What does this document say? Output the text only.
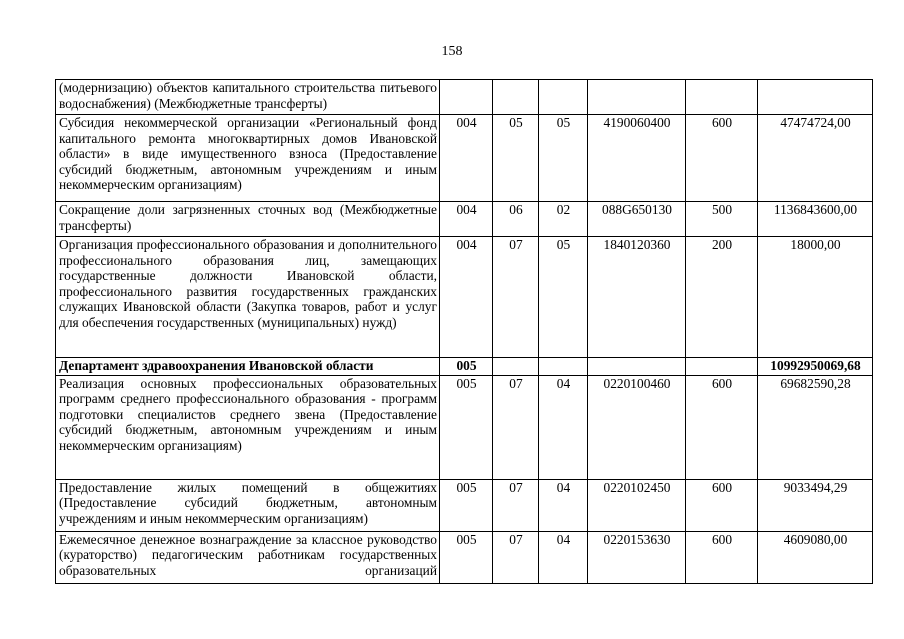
158
(модернизацию) объектов капитального строительства питьевого водоснабжения) (Межбюджетные трансферты)						
Субсидия некоммерческой организации «Региональный фонд капитального ремонта многоквартирных домов Ивановской области» в виде имущественного взноса (Предоставление субсидий бюджетным, автономным учреждениям и иным некоммерческим организациям)	004	05	05	4190060400	600	47474724,00
Сокращение доли загрязненных сточных вод (Межбюджетные трансферты)	004	06	02	088G650130	500	1136843600,00
Организация профессионального образования и дополнительного профессионального образования лиц, замещающих государственные должности Ивановской области, профессионального развития государственных гражданских служащих Ивановской области (Закупка товаров, работ и услуг для обеспечения государственных (муниципальных) нужд)	004	07	05	1840120360	200	18000,00
Департамент здравоохранения Ивановской области	005					10992950069,68
Реализация основных профессиональных образовательных программ среднего профессионального образования - программ подготовки специалистов среднего звена (Предоставление субсидий бюджетным, автономным учреждениям и иным некоммерческим организациям)	005	07	04	0220100460	600	69682590,28
Предоставление жилых помещений в общежитиях (Предоставление субсидий бюджетным, автономным учреждениям и иным некоммерческим организациям)	005	07	04	0220102450	600	9033494,29
Ежемесячное денежное вознаграждение за классное руководство (кураторство) педагогическим работникам государственных образовательных организаций	005	07	04	0220153630	600	4609080,00
